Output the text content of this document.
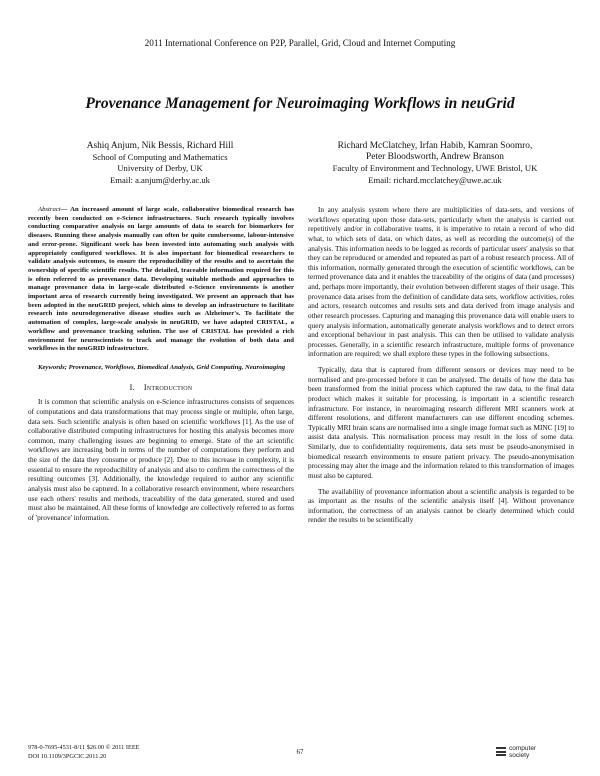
2011 International Conference on P2P, Parallel, Grid, Cloud and Internet Computing
Provenance Management for Neuroimaging Workflows in neuGrid
Ashiq Anjum, Nik Bessis, Richard Hill
School of Computing and Mathematics
University of Derby, UK
Email: a.anjum@derby.ac.uk
Richard McClatchey, Irfan Habib, Kamran Soomro,
Peter Bloodsworth, Andrew Branson
Faculty of Environment and Technology, UWE Bristol, UK
Email: richard.mcclatchey@uwe.ac.uk
Abstract— An increased amount of large scale, collaborative biomedical research has recently been conducted on e-Science infrastructures. Such research typically involves conducting comparative analysis on large amounts of data to search for biomarkers for diseases. Running these analysis manually can often be quite cumbersome, labour-intensive and error-prone. Significant work has been invested into automating such analysis with appropriately configured workflows. It is also important for biomedical researchers to validate analysis outcomes, to ensure the reproducibility of the results and to ascertain the ownership of specific scientific results. The detailed, traceable information required for this is often referred to as provenance data. Developing suitable methods and approaches to manage provenance data in large-scale distributed e-Science environments is another important area of research currently being investigated. We present an approach that has been adopted in the neuGRID project, which aims to develop an infrastructure to facilitate research into neurodegenerative disease studies such as Alzheimer's. To facilitate the automation of complex, large-scale analysis in neuGRID, we have adapted CRISTAL, a workflow and provenance tracking solution. The use of CRISTAL has provided a rich environment for neuroscientists to track and manage the evolution of both data and workflows in the neuGRID infrastructure.
Keywords; Provenance, Workflows, Biomedical Analysis, Grid Computing, Neuroimaging
I. Introduction

It is common that scientific analysis on e-Science infrastructures consists of sequences of computations and data transformations that may process single or multiple, often large, data sets. Such scientific analysis is often based on scientific workflows [1]. As the use of collaborative distributed computing infrastructures for hosting this analysis becomes more common, many challenging issues are beginning to emerge. State of the art scientific workflows are increasing both in terms of the number of computations they perform and the size of the data they consume or produce [2]. Due to this increase in complexity, it is essential to ensure the reproducibility of analysis and also to confirm the correctness of the resulting outcomes [3]. Additionally, the knowledge required to author any scientific analysis must also be captured. In a collaborative research environment, where researchers use each others' results and methods, traceability of the data generated, stored and used must also be maintained. All these forms of knowledge are collectively referred to as forms of 'provenance' information.

In any analysis system where there are multiplicities of data-sets, and versions of workflows operating upon those data-sets, particularly when the analysis is carried out repetitively and/or in collaborative teams, it is imperative to retain a record of who did what, to which sets of data, on which dates, as well as recording the outcome(s) of the analysis. This information needs to be logged as records of particular users' analysis so that they can be reproduced or amended and repeated as part of a robust research process. All of this information, normally generated through the execution of scientific workflows, can be termed provenance data and it enables the traceability of the origins of data (and processes) and, perhaps more importantly, their evolution between different stages of their usage. This provenance data arises from the definition of candidate data sets, workflow activities, roles and actors, research outcomes and results sets and data derived from image analysis and other research processes. Capturing and managing this provenance data will enable users to query analysis information, automatically generate analysis workflows and to detect errors and exceptional behaviour in past analysis. This can then be utilised to validate analysis processes. Generally, in a scientific research infrastructure, multiple forms of provenance information are required; we shall explore these types in the following subsections.

Typically, data that is captured from different sensors or devices may need to be normalised and pre-processed before it can be analysed. The details of how the data has been transformed from the initial process which captured the raw data, to the final data product which makes it suitable for processing, is important in a scientific research infrastructure. For instance, in neuroimaging research different MRI scanners work at different resolutions, and different manufacturers can use different encoding schemes. Typically MRI brain scans are normalised into a single image format such as MINC [19] to assist data analysis. This normalisation process may result in the loss of some data. Similarly, due to confidentiality requirements, data sets must be pseudo-anonymised in biomedical research environments to ensure patient privacy. The pseudo-anonymisation processing may alter the image and the information related to this transformation of images must also be captured.

The availability of provenance information about a scientific analysis is regarded to be as important as the results of the scientific analysis itself [4]. Without provenance information, the correctness of an analysis cannot be clearly determined which could render the results to be scientifically

978-0-7695-4531-8/11 $26.00 © 2011 IEEE
DOI 10.1109/3PGCIC.2011.20	67	computer
society
